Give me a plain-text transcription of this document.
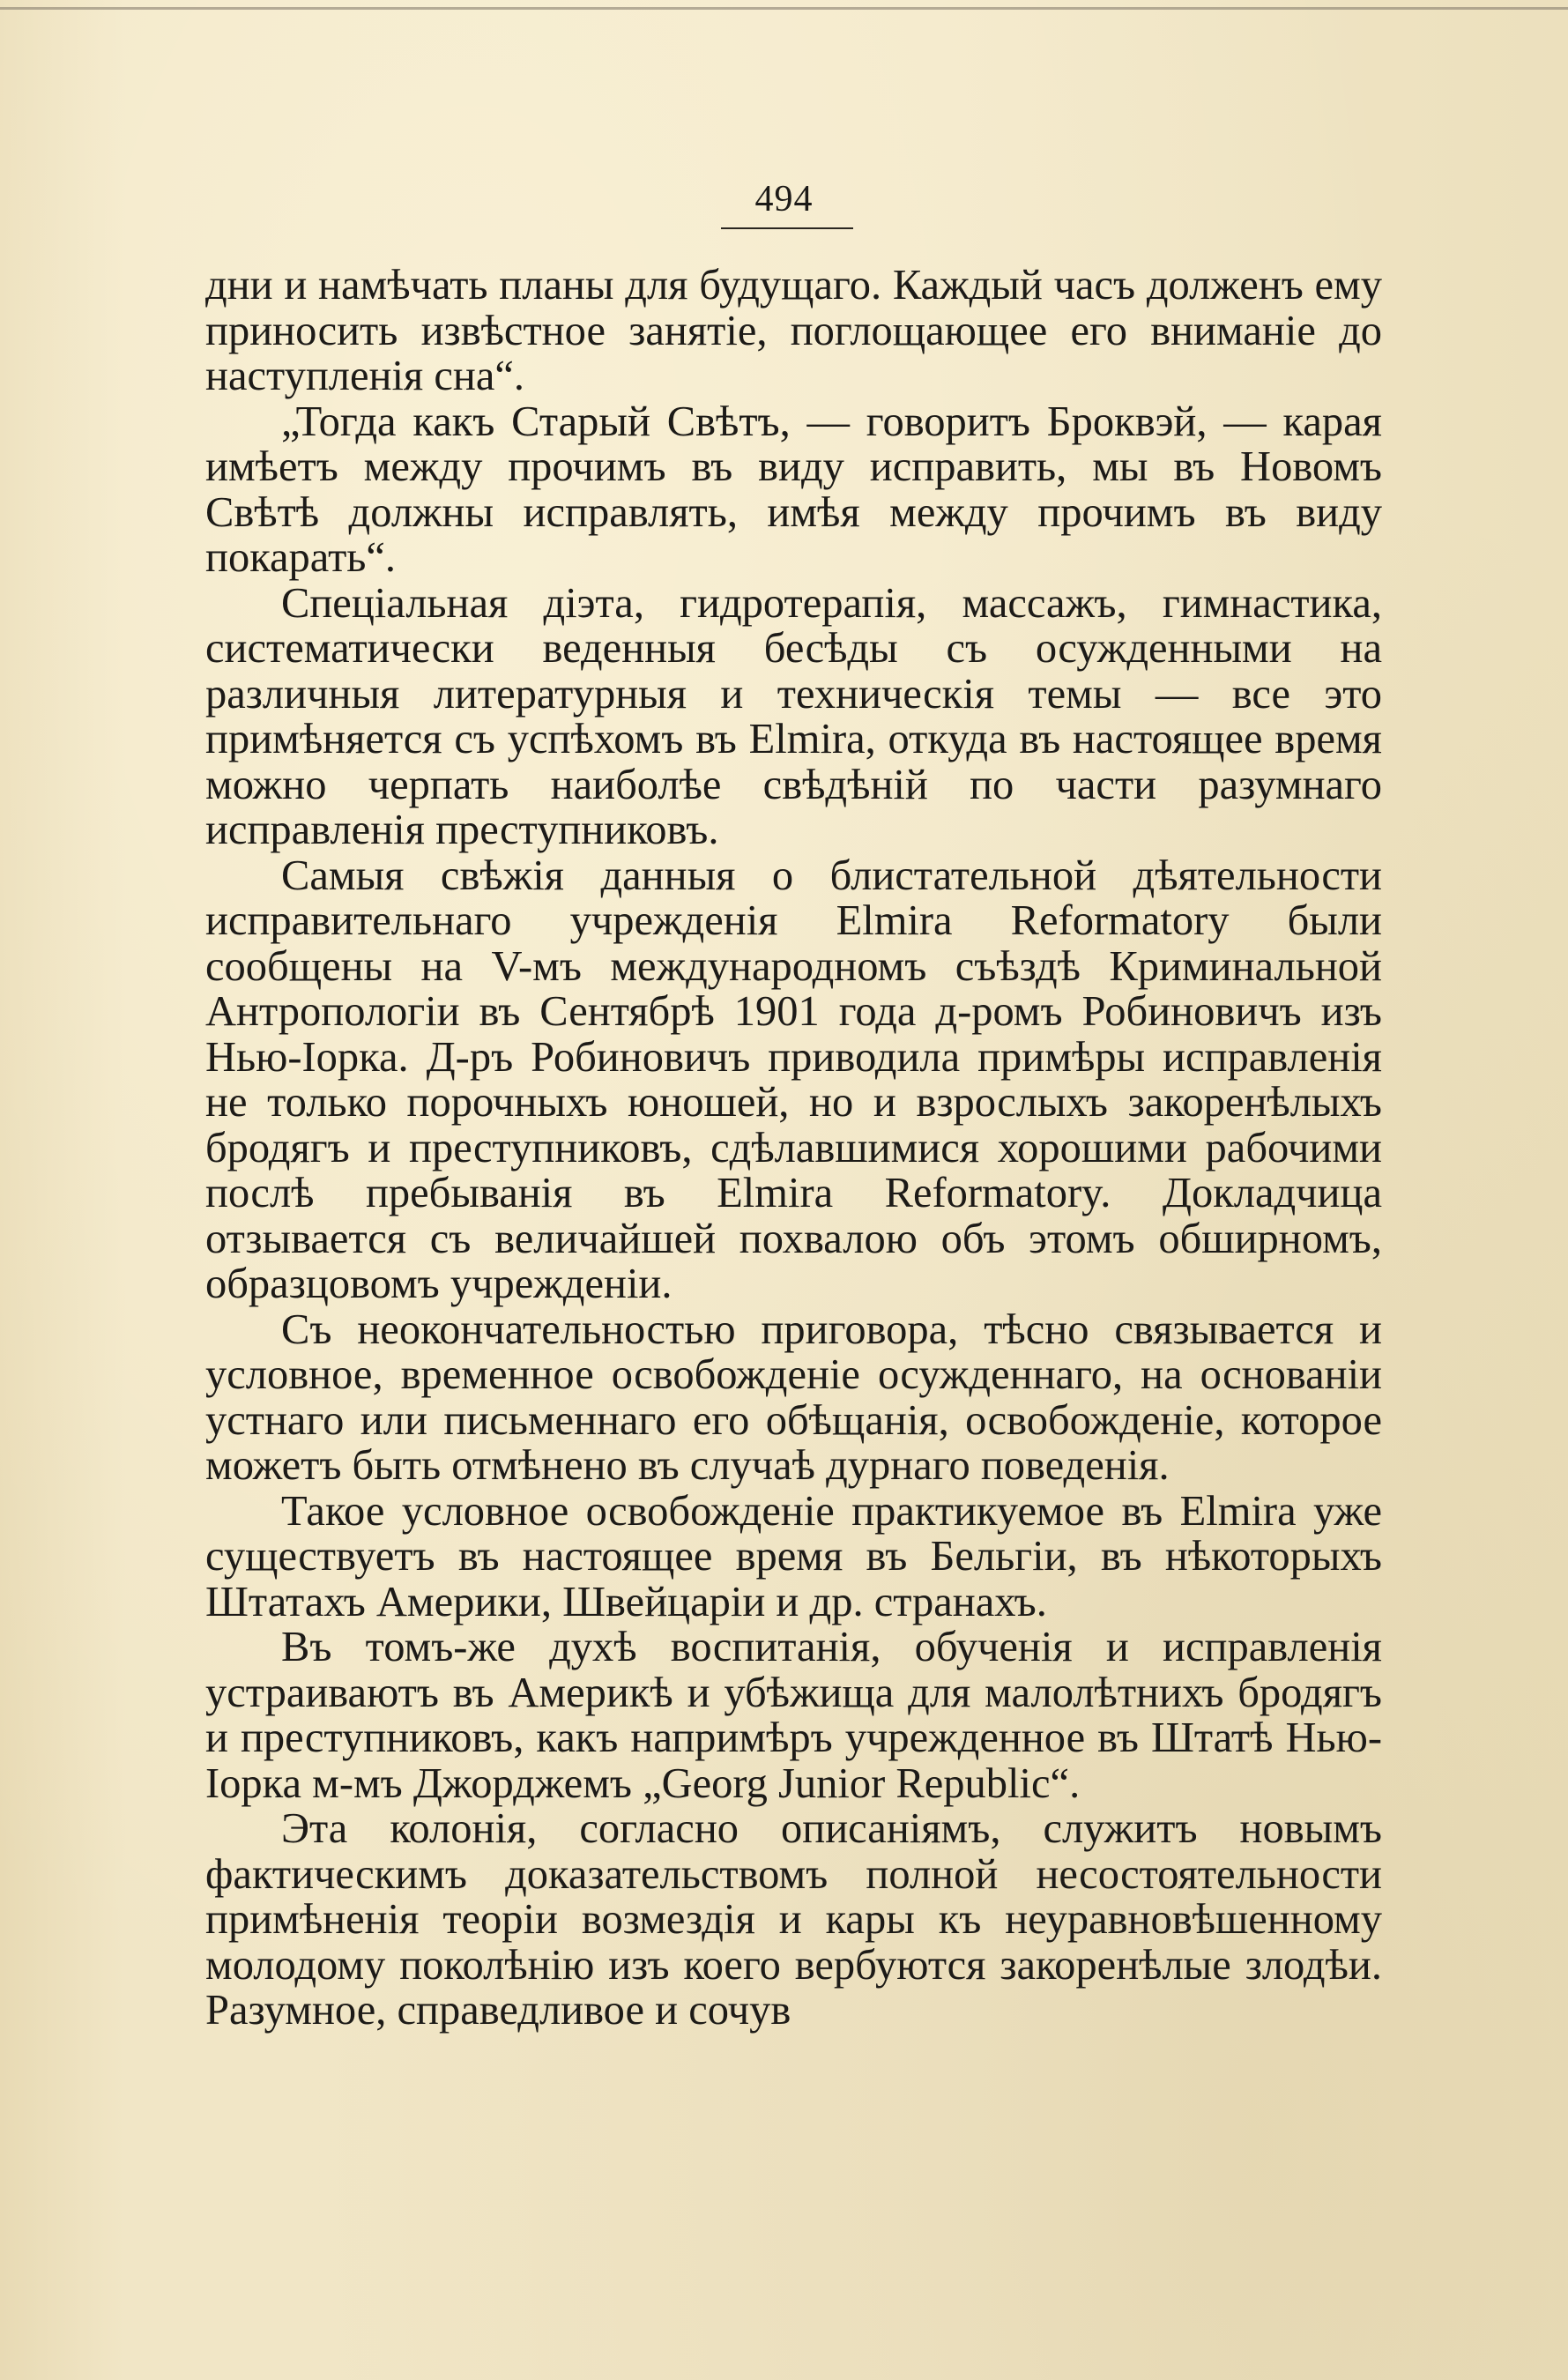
494

дни и намѣчать планы для будущаго. Каждый часъ долженъ ему приносить извѣстное занятіе, поглощающее его вниманіе до наступленія сна“.

„Тогда какъ Старый Свѣтъ, — говоритъ Броквэй, — карая имѣетъ между прочимъ въ виду исправить, мы въ Новомъ Свѣтѣ должны исправлять, имѣя между прочимъ въ виду покарать“.

Спеціальная діэта, гидротерапія, массажъ, гимнастика, систематически веденныя бесѣды съ осужденными на различныя литературныя и техническія темы — все это примѣняется съ успѣхомъ въ Elmira, откуда въ настоящее время можно черпать наиболѣе свѣдѣній по части разумнаго исправленія преступниковъ.

Самыя свѣжія данныя о блистательной дѣятельности исправительнаго учрежденія Elmira Reformatory были сообщены на V-мъ международномъ съѣздѣ Криминальной Антропологіи въ Сентябрѣ 1901 года д-ромъ Робиновичъ изъ Нью-Іорка. Д-ръ Робиновичъ приводила примѣры исправленія не только порочныхъ юношей, но и взрослыхъ закоренѣлыхъ бродягъ и преступниковъ, сдѣлавшимися хорошими рабочими послѣ пребыванія въ Elmira Reformatory. Докладчица отзывается съ величайшей похвалою объ этомъ обширномъ, образцовомъ учрежденіи.

Съ неокончательностью приговора, тѣсно связывается и условное, временное освобожденіе осужденнаго, на основаніи устнаго или письменнаго его обѣщанія, освобожденіе, которое можетъ быть отмѣнено въ случаѣ дурнаго поведенія.

Такое условное освобожденіе практикуемое въ Elmira уже существуетъ въ настоящее время въ Бельгіи, въ нѣкоторыхъ Штатахъ Америки, Швейцаріи и др. странахъ.

Въ томъ-же духѣ воспитанія, обученія и исправленія устраиваютъ въ Америкѣ и убѣжища для малолѣтнихъ бродягъ и преступниковъ, какъ напримѣръ учрежденное въ Штатѣ Нью-Іорка м-мъ Джорджемъ „Georg Junior Republic“.

Эта колонія, согласно описаніямъ, служитъ новымъ фактическимъ доказательствомъ полной несостоятельности примѣненія теоріи возмездія и кары къ неуравновѣшенному молодому поколѣнію изъ коего вербуются закоренѣлые злодѣи. Разумное, справедливое и сочув
